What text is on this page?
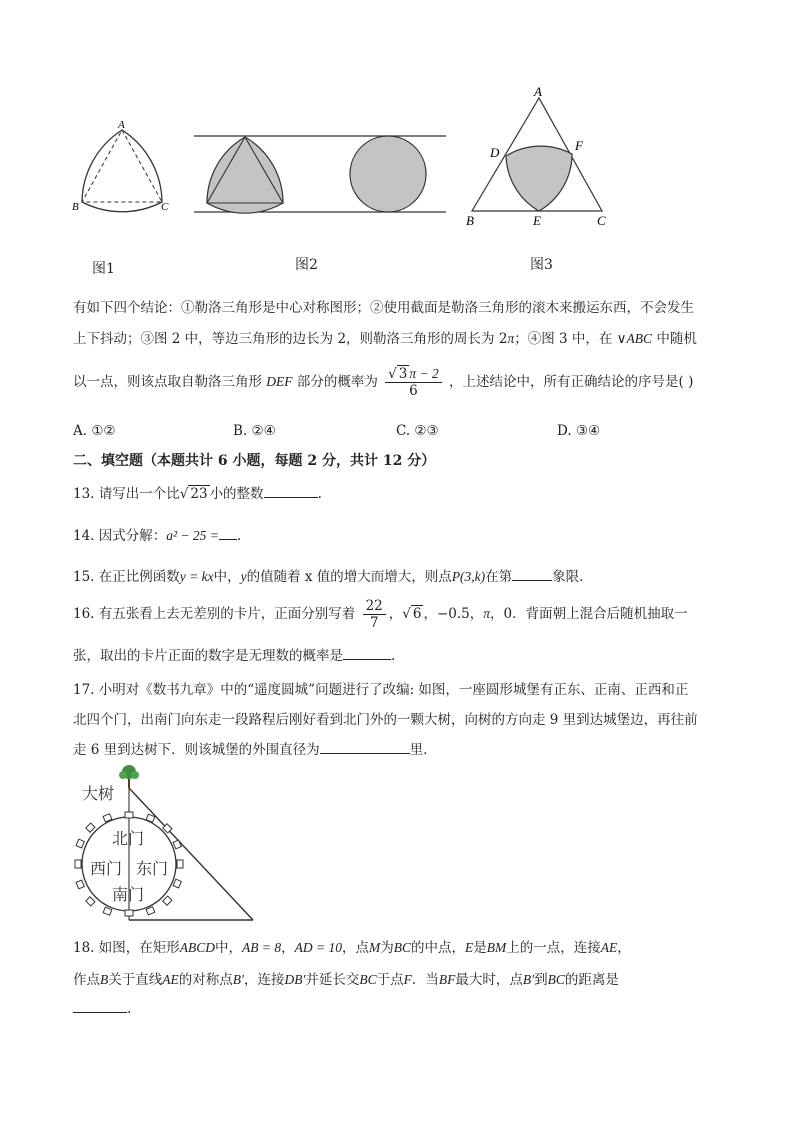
A
B	C
图1	图2
A
B	C
D
E
F
图3
有如下四个结论：①勒洛三角形是中心对称图形；②使用截面是勒洛三角形的滚木来搬运东西，不会发生
上下抖动；③图 2 中，等边三角形的边长为 2，则勒洛三角形的周长为 2π；④图 3 中，在 ∨ABC 中随机
以一点，则该点取自勒洛三角形 DEF 部分的概率为 $\frac{√ 3 \pi - 2}{6}$ ，上述结论中，所有正确结论的序号是( )
A. ①②	B. ②④	C. ②③	D. ③④
二、填空题（本题共计 6 小题，每题 2 分，共计 12 分）
13. 请写出一个比√ 23 小的整数	.
14. 因式分解：a² − 25 = .
15. 在正比例函数y = kx中，y的值随着 x 值的增大而增大，则点P(3,k)在第	象限.
16. 有五张看上去无差别的卡片，正面分别写着 $\frac{22}{7}$ ，√ 6 ，−0.5，π，0．背面朝上混合后随机抽取一
张，取出的卡片正面的数字是无理数的概率是	.
17. 小明对《数书九章》中的“遥度圆城”问题进行了改编: 如图，一座圆形城堡有正东、正南、正西和正
北四个门，出南门向东走一段路程后刚好看到北门外的一颗大树，向树的方向走 9 里到达城堡边，再往前
走 6 里到达树下．则该城堡的外围直径为	里.
大树
北门
西门 东门
南门
18. 如图，在矩形ABCD中，AB = 8，AD = 10，点M为BC的中点，E是BM上的一点，连接AE，
作点B关于直线AE的对称点B′，连接DB′并延长交BC于点F．当BF最大时，点B′到BC的距离是
.
